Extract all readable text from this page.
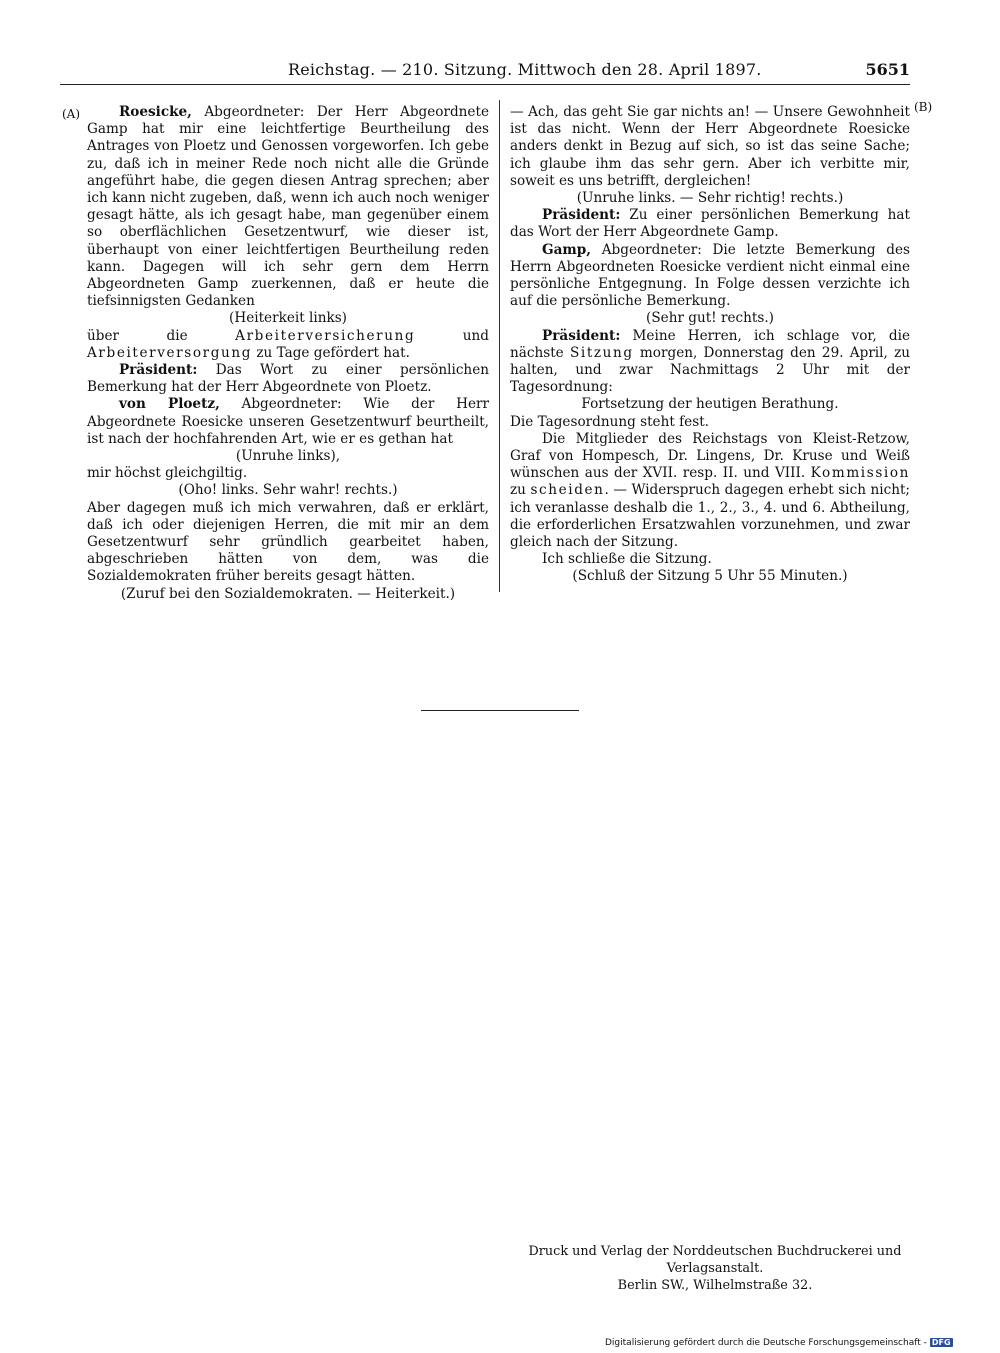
Reichstag. — 210. Sitzung. Mittwoch den 28. April 1897.	5651
(A)	(B)

Roesicke, Abgeordneter: Der Herr Abgeordnete Gamp hat mir eine leichtfertige Beurtheilung des Antrages von Ploetz und Genossen vorgeworfen. Ich gebe zu, daß ich in meiner Rede noch nicht alle die Gründe angeführt habe, die gegen diesen Antrag sprechen; aber ich kann nicht zugeben, daß, wenn ich auch noch weniger gesagt hätte, als ich gesagt habe, man gegenüber einem so oberflächlichen Gesetzentwurf, wie dieser ist, überhaupt von einer leichtfertigen Beurtheilung reden kann. Dagegen will ich sehr gern dem Herrn Abgeordneten Gamp zuerkennen, daß er heute die tiefsinnigsten Gedanken

(Heiterkeit links)

über die Arbeiterversicherung und Arbeiterversorgung zu Tage gefördert hat.

Präsident: Das Wort zu einer persönlichen Bemerkung hat der Herr Abgeordnete von Ploetz.

von Ploetz, Abgeordneter: Wie der Herr Abgeordnete Roesicke unseren Gesetzentwurf beurtheilt, ist nach der hochfahrenden Art, wie er es gethan hat

(Unruhe links),

mir höchst gleichgiltig.

(Oho! links. Sehr wahr! rechts.)

Aber dagegen muß ich mich verwahren, daß er erklärt, daß ich oder diejenigen Herren, die mit mir an dem Gesetzentwurf sehr gründlich gearbeitet haben, abgeschrieben hätten von dem, was die Sozialdemokraten früher bereits gesagt hätten.

(Zuruf bei den Sozialdemokraten. — Heiterkeit.)

— Ach, das geht Sie gar nichts an! — Unsere Gewohnheit ist das nicht. Wenn der Herr Abgeordnete Roesicke anders denkt in Bezug auf sich, so ist das seine Sache; ich glaube ihm das sehr gern. Aber ich verbitte mir, soweit es uns betrifft, dergleichen!

(Unruhe links. — Sehr richtig! rechts.)

Präsident: Zu einer persönlichen Bemerkung hat das Wort der Herr Abgeordnete Gamp.

Gamp, Abgeordneter: Die letzte Bemerkung des Herrn Abgeordneten Roesicke verdient nicht einmal eine persönliche Entgegnung. In Folge dessen verzichte ich auf die persönliche Bemerkung.

(Sehr gut! rechts.)

Präsident: Meine Herren, ich schlage vor, die nächste Sitzung morgen, Donnerstag den 29. April, zu halten, und zwar Nachmittags 2 Uhr mit der Tagesordnung:

Fortsetzung der heutigen Berathung.

Die Tagesordnung steht fest.

Die Mitglieder des Reichstags von Kleist-Retzow, Graf von Hompesch, Dr. Lingens, Dr. Kruse und Weiß wünschen aus der XVII. resp. II. und VIII. Kommission zu scheiden. — Widerspruch dagegen erhebt sich nicht; ich veranlasse deshalb die 1., 2., 3., 4. und 6. Abtheilung, die erforderlichen Ersatzwahlen vorzunehmen, und zwar gleich nach der Sitzung.

Ich schließe die Sitzung.

(Schluß der Sitzung 5 Uhr 55 Minuten.)

Druck und Verlag der Norddeutschen Buchdruckerei und Verlagsanstalt.

Berlin SW., Wilhelmstraße 32.

Digitalisierung gefördert durch die Deutsche Forschungsgemeinschaft - DFG
